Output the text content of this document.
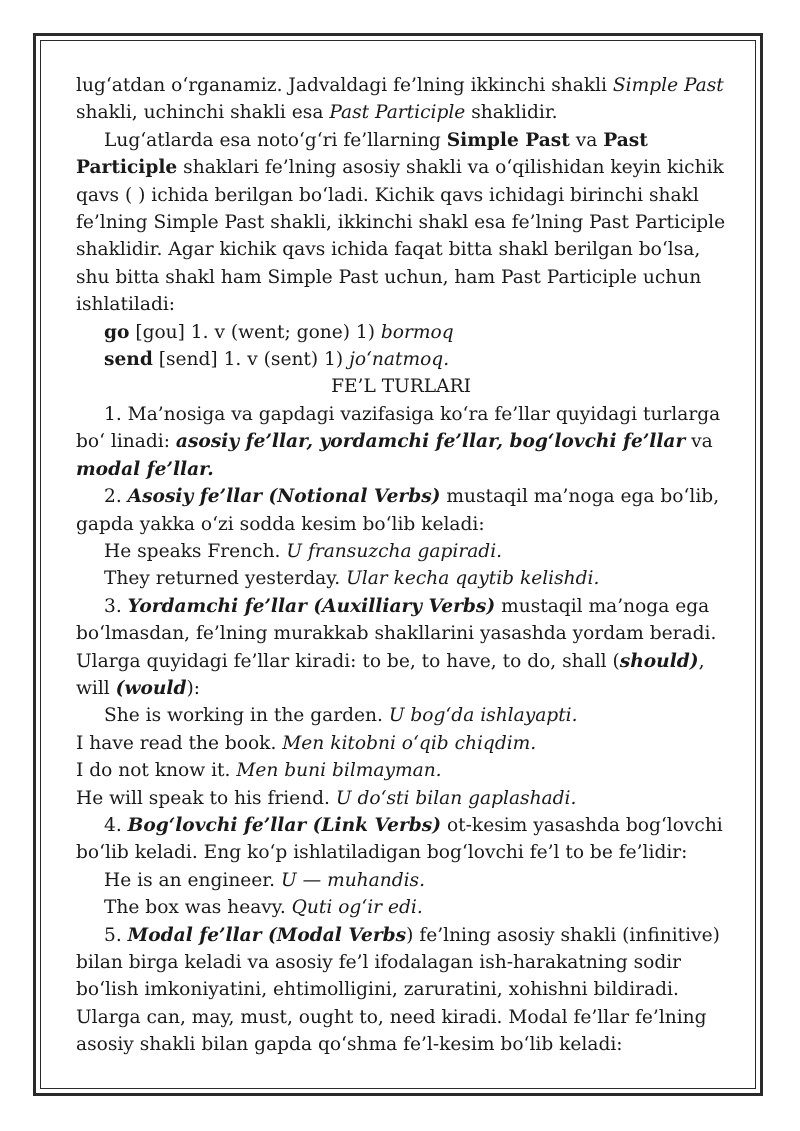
lug‘atdan o‘rganamiz. Jadvaldagi fe’lning ikkinchi shakli Simple Past shakli, uchinchi shakli esa Past Participle shaklidir.

Lug‘atlarda esa noto‘g‘ri fe’llarning Simple Past va Past Participle shaklari fe’lning asosiy shakli va o‘qilishidan keyin kichik qavs ( ) ichida berilgan bo‘ladi. Kichik qavs ichidagi birinchi shakl fe’lning Simple Past shakli, ikkinchi shakl esa fe’lning Past Participle shaklidir. Agar kichik qavs ichida faqat bitta shakl berilgan bo‘lsa, shu bitta shakl ham Simple Past uchun, ham Past Participle uchun ishlatiladi:

go [gou] 1. v (went; gone) 1) bormoq

send [send] 1. v (sent) 1) jo‘natmoq.

FE’L TURLARI

1. Ma’nosiga va gapdagi vazifasiga ko‘ra fe’llar quyidagi turlarga bo‘ linadi: asosiy fe’llar, yordamchi fe’llar, bog‘lovchi fe’llar va modal fe’llar.

2. Asosiy fe’llar (Notional Verbs) mustaqil ma’noga ega bo‘lib, gapda yakka o‘zi sodda kesim bo‘lib keladi:

He speaks French. U fransuzcha gapiradi.

They returned yesterday. Ular kecha qaytib kelishdi.

3. Yordamchi fe’llar (Auxilliary Verbs) mustaqil ma’noga ega bo‘lmasdan, fe’lning murakkab shakllarini yasashda yordam beradi. Ularga quyidagi fe’llar kiradi: to be, to have, to do, shall (should), will (would):

She is working in the garden. U bog‘da ishlayapti.

I have read the book. Men kitobni o‘qib chiqdim.

I do not know it. Men buni bilmayman.

He will speak to his friend. U do‘sti bilan gaplashadi.

4. Bog‘lovchi fe’llar (Link Verbs) ot-kesim yasashda bog‘lovchi bo‘lib keladi. Eng ko‘p ishlatiladigan bog‘lovchi fe’l to be fe’lidir:

He is an engineer. U — muhandis.

The box was heavy. Quti og‘ir edi.

5. Modal fe’llar (Modal Verbs) fe’lning asosiy shakli (infinitive) bilan birga keladi va asosiy fe’l ifodalagan ish-harakatning sodir bo‘lish imkoniyatini, ehtimolligini, zaruratini, xohishni bildiradi. Ularga can, may, must, ought to, need kiradi. Modal fe’llar fe’lning asosiy shakli bilan gapda qo‘shma fe’l-kesim bo‘lib keladi:
